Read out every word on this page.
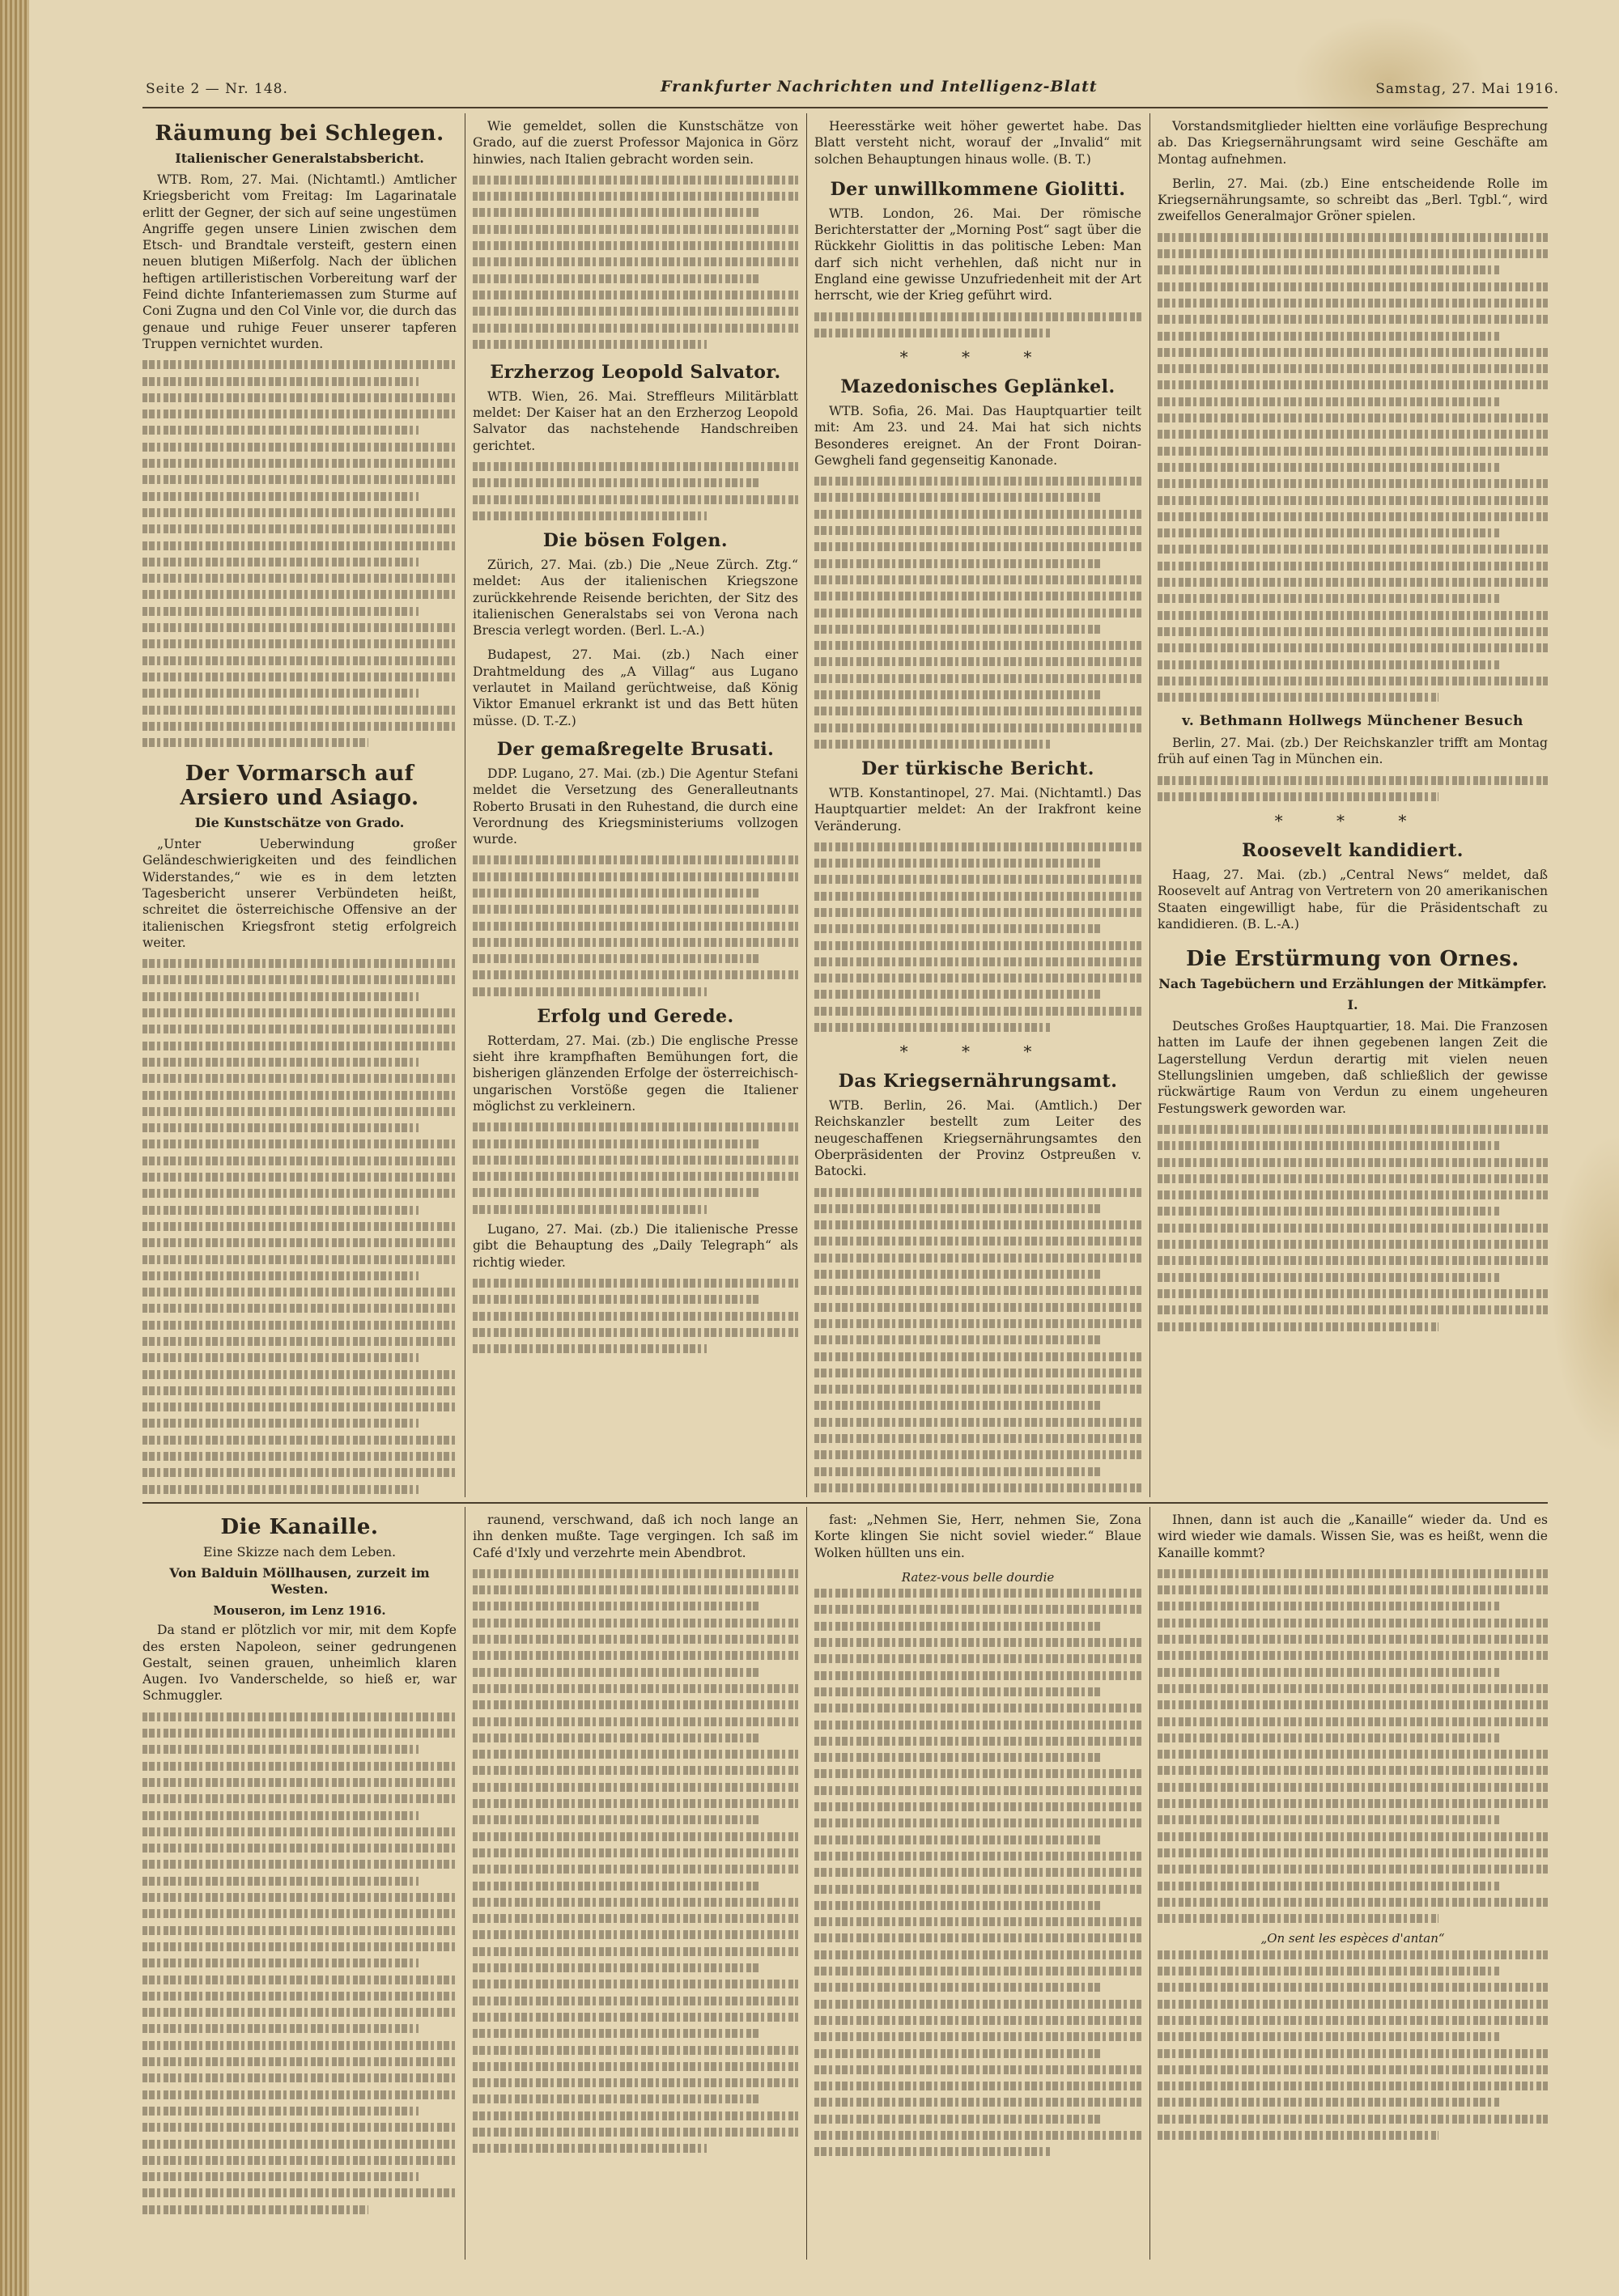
Seite 2 — Nr. 148.	Frankfurter Nachrichten und Intelligenz-Blatt	Samstag, 27. Mai 1916.
Räumung bei Schlegen.
Italienischer Generalstabsbericht.

WTB. Rom, 27. Mai. (Nichtamtl.) Amtlicher Kriegsbericht vom Freitag: Im Lagarinatale erlitt der Gegner, der sich auf seine ungestümen Angriffe gegen unsere Linien zwischen dem Etsch- und Brandtale versteift, gestern einen neuen blutigen Mißerfolg. Nach der üblichen heftigen artilleristischen Vorbereitung warf der Feind dichte Infanteriemassen zum Sturme auf Coni Zugna und den Col Vinle vor, die durch das genaue und ruhige Feuer unserer tapferen Truppen vernichtet wurden.

Der Vormarsch auf Arsiero und Asiago.
Die Kunstschätze von Grado.

„Unter Ueberwindung großer Geländeschwierigkeiten und des feindlichen Widerstandes,“ wie es in dem letzten Tagesbericht unserer Verbündeten heißt, schreitet die österreichische Offensive an der italienischen Kriegsfront stetig erfolgreich weiter.

Wie gemeldet, sollen die Kunstschätze von Grado, auf die zuerst Professor Majonica in Görz hinwies, nach Italien gebracht worden sein.

Erzherzog Leopold Salvator.

WTB. Wien, 26. Mai. Streffleurs Militärblatt meldet: Der Kaiser hat an den Erzherzog Leopold Salvator das nachstehende Handschreiben gerichtet.

Die bösen Folgen.

Zürich, 27. Mai. (zb.) Die „Neue Zürch. Ztg.“ meldet: Aus der italienischen Kriegszone zurückkehrende Reisende berichten, der Sitz des italienischen Generalstabs sei von Verona nach Brescia verlegt worden. (Berl. L.-A.)

Budapest, 27. Mai. (zb.) Nach einer Drahtmeldung des „A Villag“ aus Lugano verlautet in Mailand gerüchtweise, daß König Viktor Emanuel erkrankt ist und das Bett hüten müsse. (D. T.-Z.)

Der gemaßregelte Brusati.

DDP. Lugano, 27. Mai. (zb.) Die Agentur Stefani meldet die Versetzung des Generalleutnants Roberto Brusati in den Ruhestand, die durch eine Verordnung des Kriegsministeriums vollzogen wurde.

Erfolg und Gerede.

Rotterdam, 27. Mai. (zb.) Die englische Presse sieht ihre krampfhaften Bemühungen fort, die bisherigen glänzenden Erfolge der österreichisch-ungarischen Vorstöße gegen die Italiener möglichst zu verkleinern.

Lugano, 27. Mai. (zb.) Die italienische Presse gibt die Behauptung des „Daily Telegraph“ als richtig wieder.

Heeresstärke weit höher gewertet habe. Das Blatt versteht nicht, worauf der „Invalid“ mit solchen Behauptungen hinaus wolle. (B. T.)

Der unwillkommene Giolitti.

WTB. London, 26. Mai. Der römische Berichterstatter der „Morning Post“ sagt über die Rückkehr Giolittis in das politische Leben: Man darf sich nicht verhehlen, daß nicht nur in England eine gewisse Unzufriedenheit mit der Art herrscht, wie der Krieg geführt wird.

* * *
Mazedonisches Geplänkel.

WTB. Sofia, 26. Mai. Das Hauptquartier teilt mit: Am 23. und 24. Mai hat sich nichts Besonderes ereignet. An der Front Doiran-Gewgheli fand gegenseitig Kanonade.

Der türkische Bericht.

WTB. Konstantinopel, 27. Mai. (Nichtamtl.) Das Hauptquartier meldet: An der Irakfront keine Veränderung.

* * *
Das Kriegsernährungsamt.

WTB. Berlin, 26. Mai. (Amtlich.) Der Reichskanzler bestellt zum Leiter des neugeschaffenen Kriegsernährungsamtes den Oberpräsidenten der Provinz Ostpreußen v. Batocki.

Vorstandsmitglieder hieltten eine vorläufige Besprechung ab. Das Kriegsernährungsamt wird seine Geschäfte am Montag aufnehmen.

Berlin, 27. Mai. (zb.) Eine entscheidende Rolle im Kriegsernährungsamte, so schreibt das „Berl. Tgbl.“, wird zweifellos Generalmajor Gröner spielen.

v. Bethmann Hollwegs Münchener Besuch

Berlin, 27. Mai. (zb.) Der Reichskanzler trifft am Montag früh auf einen Tag in München ein.

* * *
Roosevelt kandidiert.

Haag, 27. Mai. (zb.) „Central News“ meldet, daß Roosevelt auf Antrag von Vertretern von 20 amerikanischen Staaten eingewilligt habe, für die Präsidentschaft zu kandidieren. (B. L.-A.)

Die Erstürmung von Ornes.
Nach Tagebüchern und Erzählungen der Mitkämpfer.
I.

Deutsches Großes Hauptquartier, 18. Mai. Die Franzosen hatten im Laufe der ihnen gegebenen langen Zeit die Lagerstellung Verdun derartig mit vielen neuen Stellungslinien umgeben, daß schließlich der gewisse rückwärtige Raum von Verdun zu einem ungeheuren Festungswerk geworden war.

Die Kanaille.
Eine Skizze nach dem Leben.
Von Balduin Möllhausen, zurzeit im Westen.

Mouseron, im Lenz 1916.

Da stand er plötzlich vor mir, mit dem Kopfe des ersten Napoleon, seiner gedrungenen Gestalt, seinen grauen, unheimlich klaren Augen. Ivo Vanderschelde, so hieß er, war Schmuggler.

raunend, verschwand, daß ich noch lange an ihn denken mußte. Tage vergingen. Ich saß im Café d'Ixly und verzehrte mein Abendbrot.

fast: „Nehmen Sie, Herr, nehmen Sie, Zona Korte klingen Sie nicht soviel wieder.“ Blaue Wolken hüllten uns ein.

Ratez-vous belle dourdie

Ihnen, dann ist auch die „Kanaille“ wieder da. Und es wird wieder wie damals. Wissen Sie, was es heißt, wenn die Kanaille kommt?

„On sent les espèces d'antan“
